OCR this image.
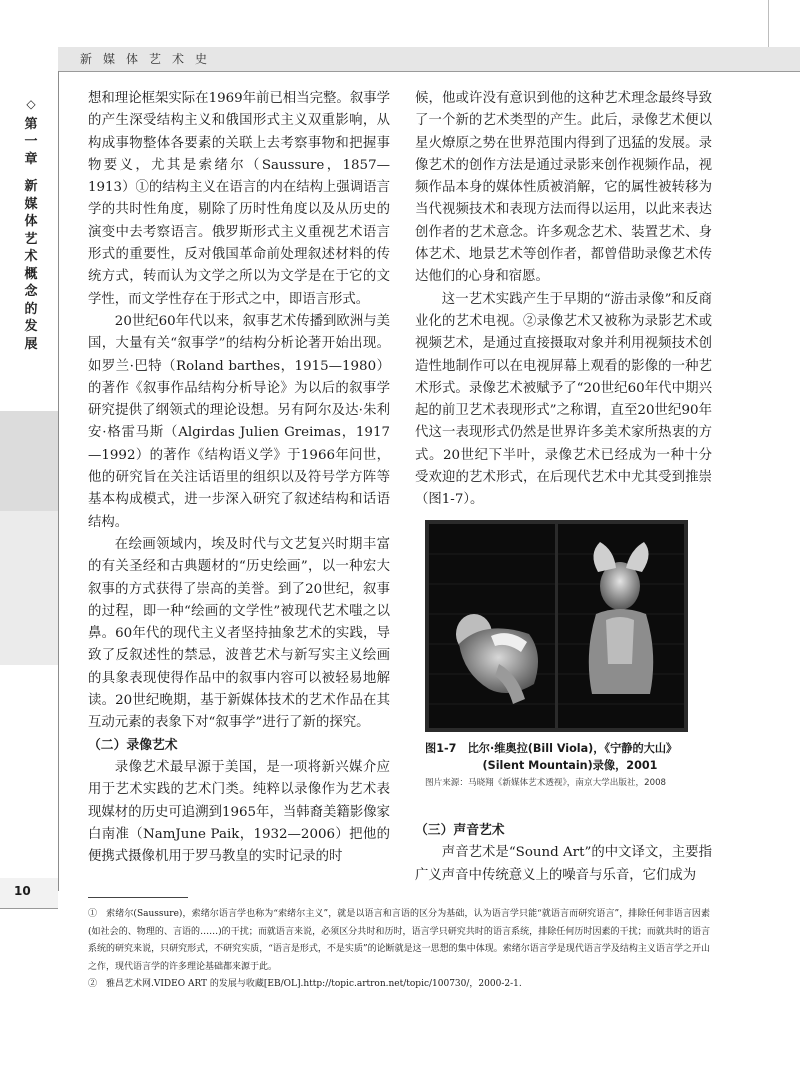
新媒体艺术史
◇
第
一
章

新
媒
体
艺
术
概
念
的
发
展
10

想和理论框架实际在1969年前已相当完整。叙事学的产生深受结构主义和俄国形式主义双重影响，从构成事物整体各要素的关联上去考察事物和把握事物要义，尤其是索绪尔（Saussure，1857—1913）①的结构主义在语言的内在结构上强调语言学的共时性角度，剔除了历时性角度以及从历史的演变中去考察语言。俄罗斯形式主义重视艺术语言形式的重要性，反对俄国革命前处理叙述材料的传统方式，转而认为文学之所以为文学是在于它的文学性，而文学性存在于形式之中，即语言形式。

20世纪60年代以来，叙事艺术传播到欧洲与美国，大量有关“叙事学”的结构分析论著开始出现。如罗兰·巴特（Roland barthes，1915—1980）的著作《叙事作品结构分析导论》为以后的叙事学研究提供了纲领式的理论设想。另有阿尔及达·朱利安·格雷马斯（Algirdas Julien Greimas，1917—1992）的著作《结构语义学》于1966年问世，他的研究旨在关注话语里的组织以及符号学方阵等基本构成模式，进一步深入研究了叙述结构和话语结构。

在绘画领域内，埃及时代与文艺复兴时期丰富的有关圣经和古典题材的“历史绘画”，以一种宏大叙事的方式获得了崇高的美誉。到了20世纪，叙事的过程，即一种“绘画的文学性”被现代艺术嗤之以鼻。60年代的现代主义者坚持抽象艺术的实践，导致了反叙述性的禁忌，波普艺术与新写实主义绘画的具象表现使得作品中的叙事内容可以被轻易地解读。20世纪晚期，基于新媒体技术的艺术作品在其互动元素的表象下对“叙事学”进行了新的探究。

（二）录像艺术

录像艺术最早源于美国，是一项将新兴媒介应用于艺术实践的艺术门类。纯粹以录像作为艺术表现媒材的历史可追溯到1965年，当韩裔美籍影像家白南准（NamJune Paik，1932—2006）把他的便携式摄像机用于罗马教皇的实时记录的时

候，他或许没有意识到他的这种艺术理念最终导致了一个新的艺术类型的产生。此后，录像艺术便以星火燎原之势在世界范围内得到了迅猛的发展。录像艺术的创作方法是通过录影来创作视频作品，视频作品本身的媒体性质被消解，它的属性被转移为当代视频技术和表现方法而得以运用，以此来表达创作者的艺术意念。许多观念艺术、装置艺术、身体艺术、地景艺术等创作者，都曾借助录像艺术传达他们的心身和宿愿。

这一艺术实践产生于早期的“游击录像”和反商业化的艺术电视。②录像艺术又被称为录影艺术或视频艺术，是通过直接摄取对象并利用视频技术创造性地制作可以在电视屏幕上观看的影像的一种艺术形式。录像艺术被赋予了“20世纪60年代中期兴起的前卫艺术表现形式”之称谓，直至20世纪90年代这一表现形式仍然是世界许多美术家所热衷的方式。20世纪下半叶，录像艺术已经成为一种十分受欢迎的艺术形式，在后现代艺术中尤其受到推崇（图1-7）。

图1-7　比尔·维奥拉(Bill Viola)，《宁静的大山》
(Silent Mountain)录像，2001
图片来源：马晓翔《新媒体艺术透视》，南京大学出版社，2008

（三）声音艺术

声音艺术是“Sound Art”的中文译文，主要指广义声音中传统意义上的噪音与乐音，它们成为

①　索绪尔(Saussure)，索绪尔语言学也称为“索绪尔主义”，就是以语言和言语的区分为基础，认为语言学只能“就语言而研究语言”，排除任何非语言因素(如社会的、物理的、言语的……)的干扰；而就语言来说，必须区分共时和历时，语言学只研究共时的语言系统，排除任何历时因素的干扰；而就共时的语言系统的研究来说，只研究形式，不研究实质，“语言是形式，不是实质”的论断就是这一思想的集中体现。索绪尔语言学是现代语言学及结构主义语言学之开山之作，现代语言学的许多理论基础都来源于此。

②　雅昌艺术网.VIDEO ART 的发展与收藏[EB/OL].http://topic.artron.net/topic/100730/，2000-2-1.
